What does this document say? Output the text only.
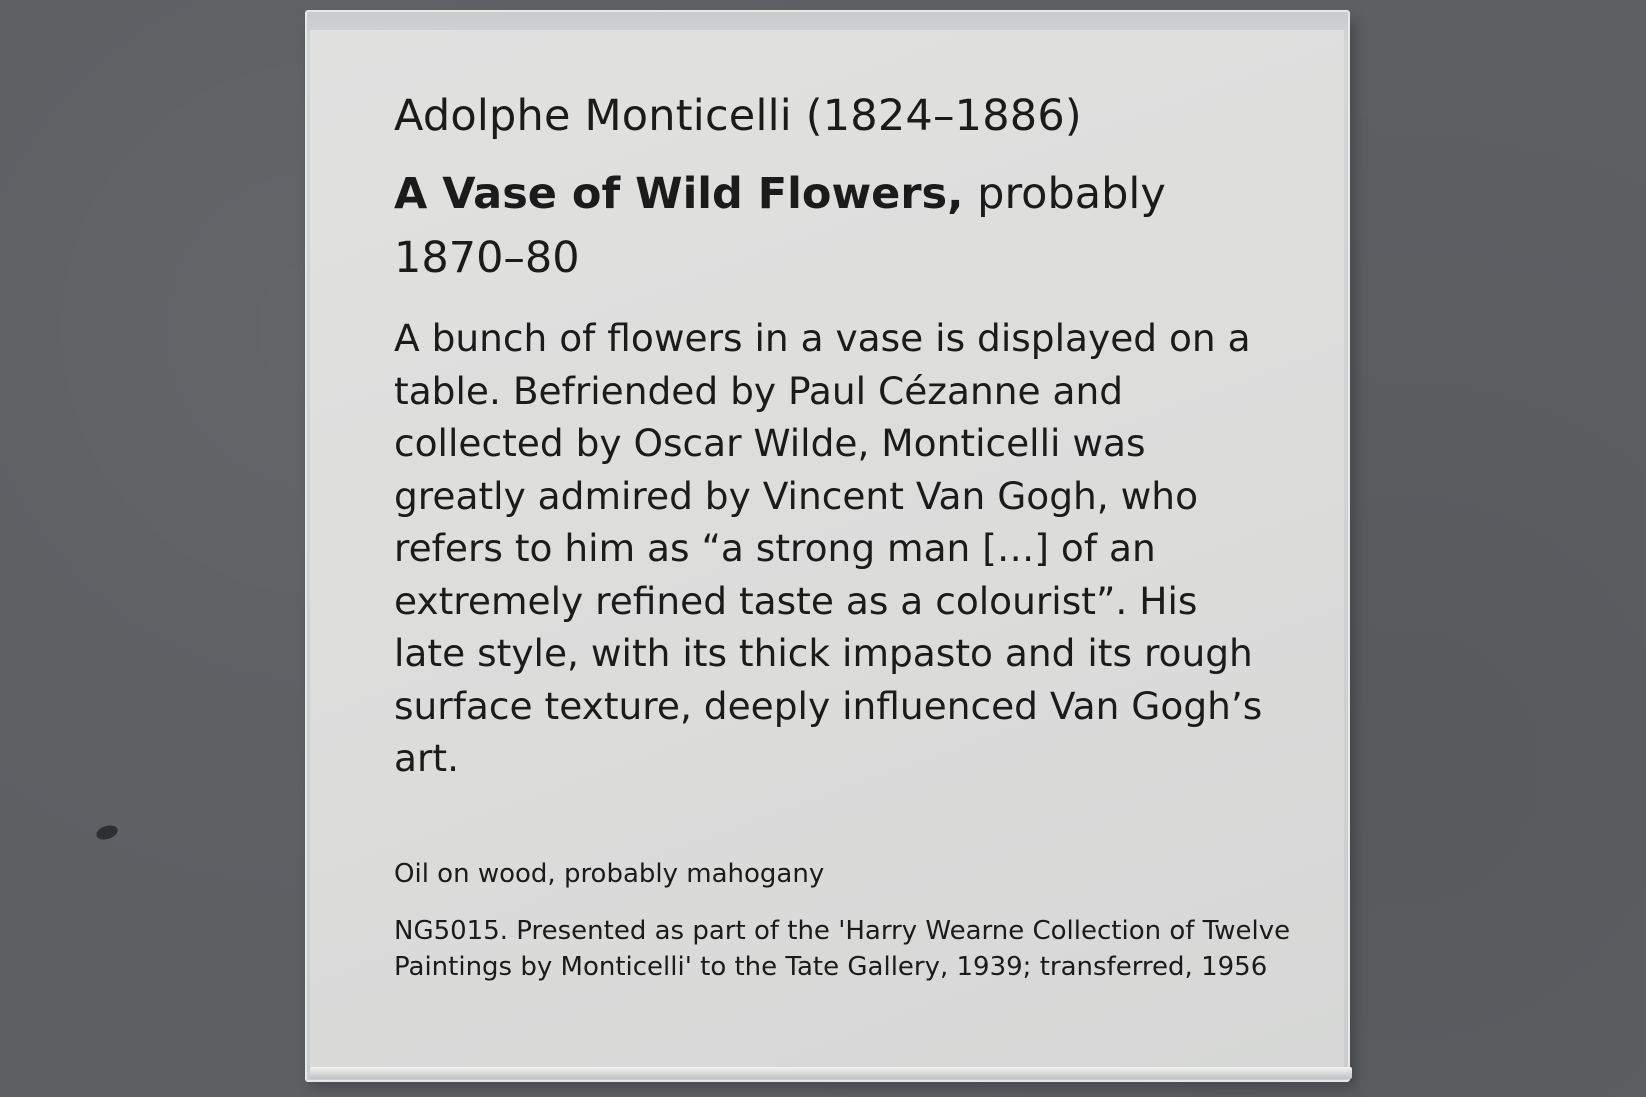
Adolphe Monticelli (1824–1886)
A Vase of Wild Flowers, probably 1870–80

A bunch of flowers in a vase is displayed on a table. Befriended by Paul Cézanne and collected by Oscar Wilde, Monticelli was greatly admired by Vincent Van Gogh, who refers to him as “a strong man […] of an extremely refined taste as a colourist”. His late style, with its thick impasto and its rough surface texture, deeply influenced Van Gogh’s art.

Oil on wood, probably mahogany

NG5015. Presented as part of the 'Harry Wearne Collection of Twelve Paintings by Monticelli' to the Tate Gallery, 1939; transferred, 1956
